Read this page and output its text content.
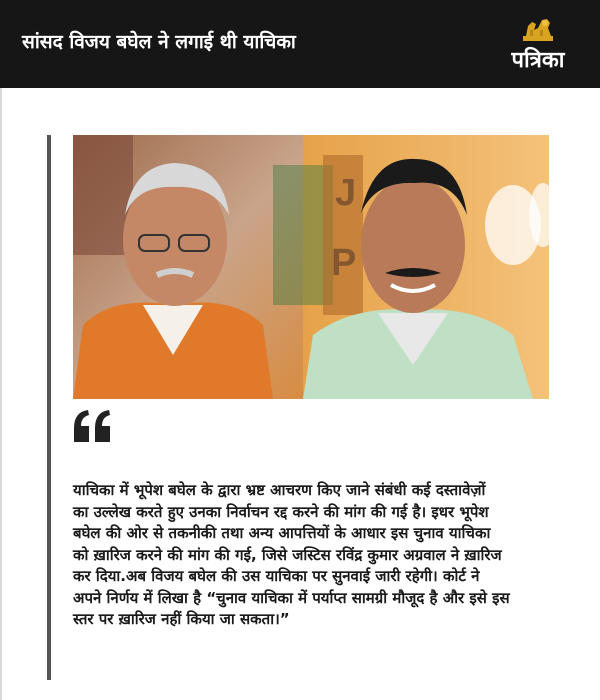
सांसद विजय बघेल ने लगाई थी याचिका
पत्रिका
J
P
याचिका में भूपेश बघेल के द्वारा भ्रष्ट आचरण किए जाने संबंधी कई दस्तावेज़ों
का उल्लेख करते हुए उनका निर्वाचन रद्द करने की मांग की गई है। इधर भूपेश
बघेल की ओर से तकनीकी तथा अन्य आपत्तियों के आधार इस चुनाव याचिका
को ख़ारिज करने की मांग की गई, जिसे जस्टिस रविंद्र कुमार अग्रवाल ने ख़ारिज
कर दिया.अब विजय बघेल की उस याचिका पर सुनवाई जारी रहेगी। कोर्ट ने
अपने निर्णय में लिखा है “चुनाव याचिका में पर्याप्त सामग्री मौजूद है और इसे इस
स्तर पर ख़ारिज नहीं किया जा सकता।”
